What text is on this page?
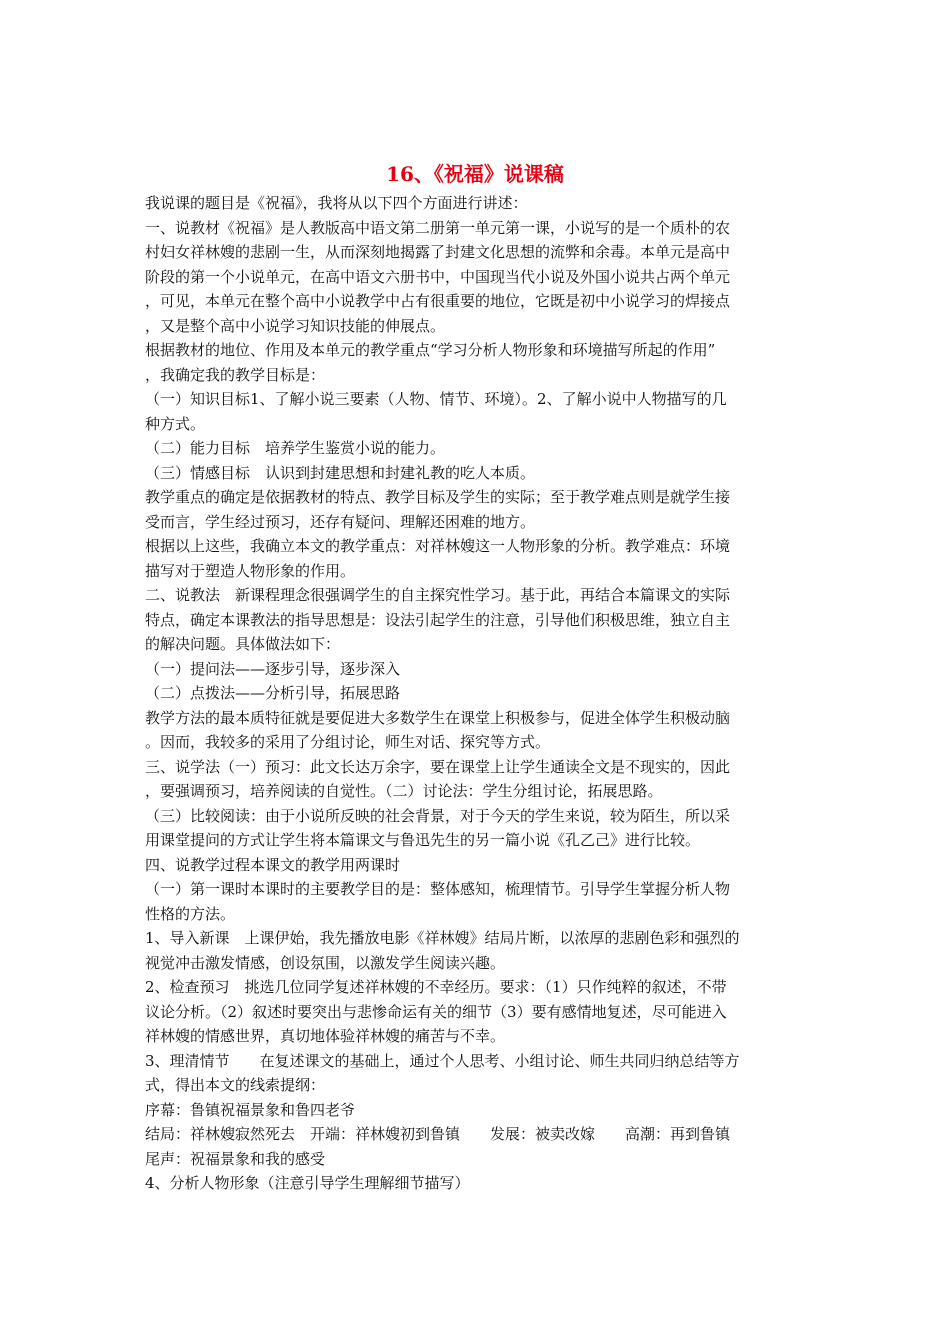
16、《祝福》说课稿
我说课的题目是《祝福》，我将从以下四个方面进行讲述：
一、说教材《祝福》是人教版高中语文第二册第一单元第一课，小说写的是一个质朴的农
村妇女祥林嫂的悲剧一生，从而深刻地揭露了封建文化思想的流弊和余毒。本单元是高中
阶段的第一个小说单元，在高中语文六册书中，中国现当代小说及外国小说共占两个单元
，可见，本单元在整个高中小说教学中占有很重要的地位，它既是初中小说学习的焊接点
，又是整个高中小说学习知识技能的伸展点。
根据教材的地位、作用及本单元的教学重点“学习分析人物形象和环境描写所起的作用”
，我确定我的教学目标是：
（一）知识目标1、了解小说三要素（人物、情节、环境）。2、了解小说中人物描写的几
种方式。
（二）能力目标　培养学生鉴赏小说的能力。
（三）情感目标　认识到封建思想和封建礼教的吃人本质。
教学重点的确定是依据教材的特点、教学目标及学生的实际；至于教学难点则是就学生接
受而言，学生经过预习，还存有疑问、理解还困难的地方。
根据以上这些，我确立本文的教学重点：对祥林嫂这一人物形象的分析。教学难点：环境
描写对于塑造人物形象的作用。
二、说教法　新课程理念很强调学生的自主探究性学习。基于此，再结合本篇课文的实际
特点，确定本课教法的指导思想是：设法引起学生的注意，引导他们积极思维，独立自主
的解决问题。具体做法如下：
（一）提问法——逐步引导，逐步深入
（二）点拨法——分析引导，拓展思路
教学方法的最本质特征就是要促进大多数学生在课堂上积极参与，促进全体学生积极动脑
。因而，我较多的采用了分组讨论，师生对话、探究等方式。
三、说学法（一）预习：此文长达万余字，要在课堂上让学生通读全文是不现实的，因此
，要强调预习，培养阅读的自觉性。（二）讨论法：学生分组讨论，拓展思路。
（三）比较阅读：由于小说所反映的社会背景，对于今天的学生来说，较为陌生，所以采
用课堂提问的方式让学生将本篇课文与鲁迅先生的另一篇小说《孔乙己》进行比较。
四、说教学过程本课文的教学用两课时
（一）第一课时本课时的主要教学目的是：整体感知，梳理情节。引导学生掌握分析人物
性格的方法。
1、导入新课　上课伊始，我先播放电影《祥林嫂》结局片断，以浓厚的悲剧色彩和强烈的
视觉冲击激发情感，创设氛围，以激发学生阅读兴趣。
2、检查预习　挑选几位同学复述祥林嫂的不幸经历。要求：（1）只作纯粹的叙述，不带
议论分析。（2）叙述时要突出与悲惨命运有关的细节（3）要有感情地复述，尽可能进入
祥林嫂的情感世界，真切地体验祥林嫂的痛苦与不幸。
3、理清情节　　在复述课文的基础上，通过个人思考、小组讨论、师生共同归纳总结等方
式，得出本文的线索提纲：
序幕：鲁镇祝福景象和鲁四老爷
结局：祥林嫂寂然死去　开端：祥林嫂初到鲁镇　　发展：被卖改嫁　　高潮：再到鲁镇
尾声：祝福景象和我的感受
4、分析人物形象（注意引导学生理解细节描写）
